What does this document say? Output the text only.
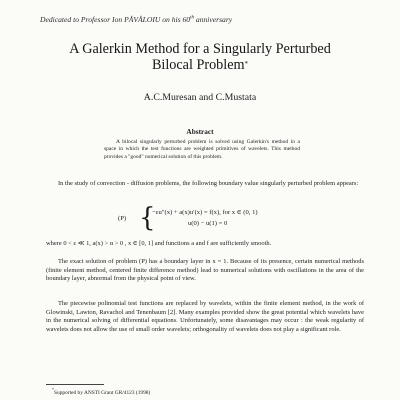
Dedicated to Professor Ion PĂVĂLOIU on his 60th anniversary
A Galerkin Method for a Singularly Perturbed
Bilocal Problem*
A.C.Muresan and C.Mustata
Abstract
A bilocal singularly perturbed problem is solved using Galerkin's method in a space in which the test functions are weighted primitives of wavelets. This method provides a "good" numerical solution of this problem.
In the study of convection - diffusion problems, the following boundary value singularly perturbed problem appears:
(P) {
−εu″(x) + a(x)u′(x) = f(x), for x ∈ (0, 1)
u(0) − u(1) = 0
where 0 < ε ≪ 1, a(x) > α > 0 , x ∈ [0, 1] and functions a and f are sufficiently smooth.
The exact solution of problem (P) has a boundary layer in x = 1. Because of its presence, certain numerical methods (finite element method, centered finite difference method) lead to numerical solutions with oscillations in the area of the boundary layer, abnormal from the physical point of view.
The piecewise polinomial test functions are replaced by wavelets, within the finite element method, in the work of Glowinski, Lawton, Ravachol and Tenenbaum [2]. Many examples provided show the great potential which wavelets have in the numerical solving of differential equations. Unfortunately, some disavantages may occur : the weak regularity of wavelets does not allow the use of small order wavelets; orthogonality of wavelets does not play a significant role.
*Supported by ANSTI Grant GR/4123 (1998)
